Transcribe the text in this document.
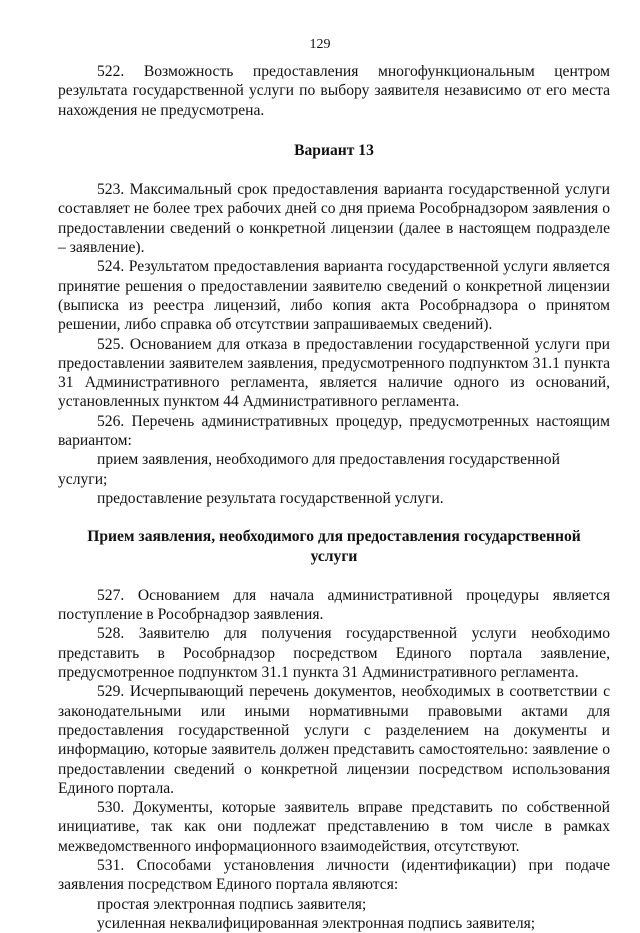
129

522. Возможность предоставления многофункциональным центром результата государственной услуги по выбору заявителя независимо от его места нахождения не предусмотрена.

Вариант 13

523. Максимальный срок предоставления варианта государственной услуги составляет не более трех рабочих дней со дня приема Рособрнадзором заявления о предоставлении сведений о конкретной лицензии (далее в настоящем подразделе – заявление).

524. Результатом предоставления варианта государственной услуги является принятие решения о предоставлении заявителю сведений о конкретной лицензии (выписка из реестра лицензий, либо копия акта Рособрнадзора о принятом решении, либо справка об отсутствии запрашиваемых сведений).

525. Основанием для отказа в предоставлении государственной услуги при предоставлении заявителем заявления, предусмотренного подпунктом 31.1 пункта 31 Административного регламента, является наличие одного из оснований, установленных пунктом 44 Административного регламента.

526. Перечень административных процедур, предусмотренных настоящим вариантом:

прием заявления, необходимого для предоставления государственной услуги;
предоставление результата государственной услуги.
Прием заявления, необходимого для предоставления государственной услуги

527. Основанием для начала административной процедуры является поступление в Рособрнадзор заявления.

528. Заявителю для получения государственной услуги необходимо представить в Рособрнадзор посредством Единого портала заявление, предусмотренное подпунктом 31.1 пункта 31 Административного регламента.

529. Исчерпывающий перечень документов, необходимых в соответствии с законодательными или иными нормативными правовыми актами для предоставления государственной услуги с разделением на документы и информацию, которые заявитель должен представить самостоятельно: заявление о предоставлении сведений о конкретной лицензии посредством использования Единого портала.

530. Документы, которые заявитель вправе представить по собственной инициативе, так как они подлежат представлению в том числе в рамках межведомственного информационного взаимодействия, отсутствуют.

531. Способами установления личности (идентификации) при подаче заявления посредством Единого портала являются:

простая электронная подпись заявителя;
усиленная неквалифицированная электронная подпись заявителя;
